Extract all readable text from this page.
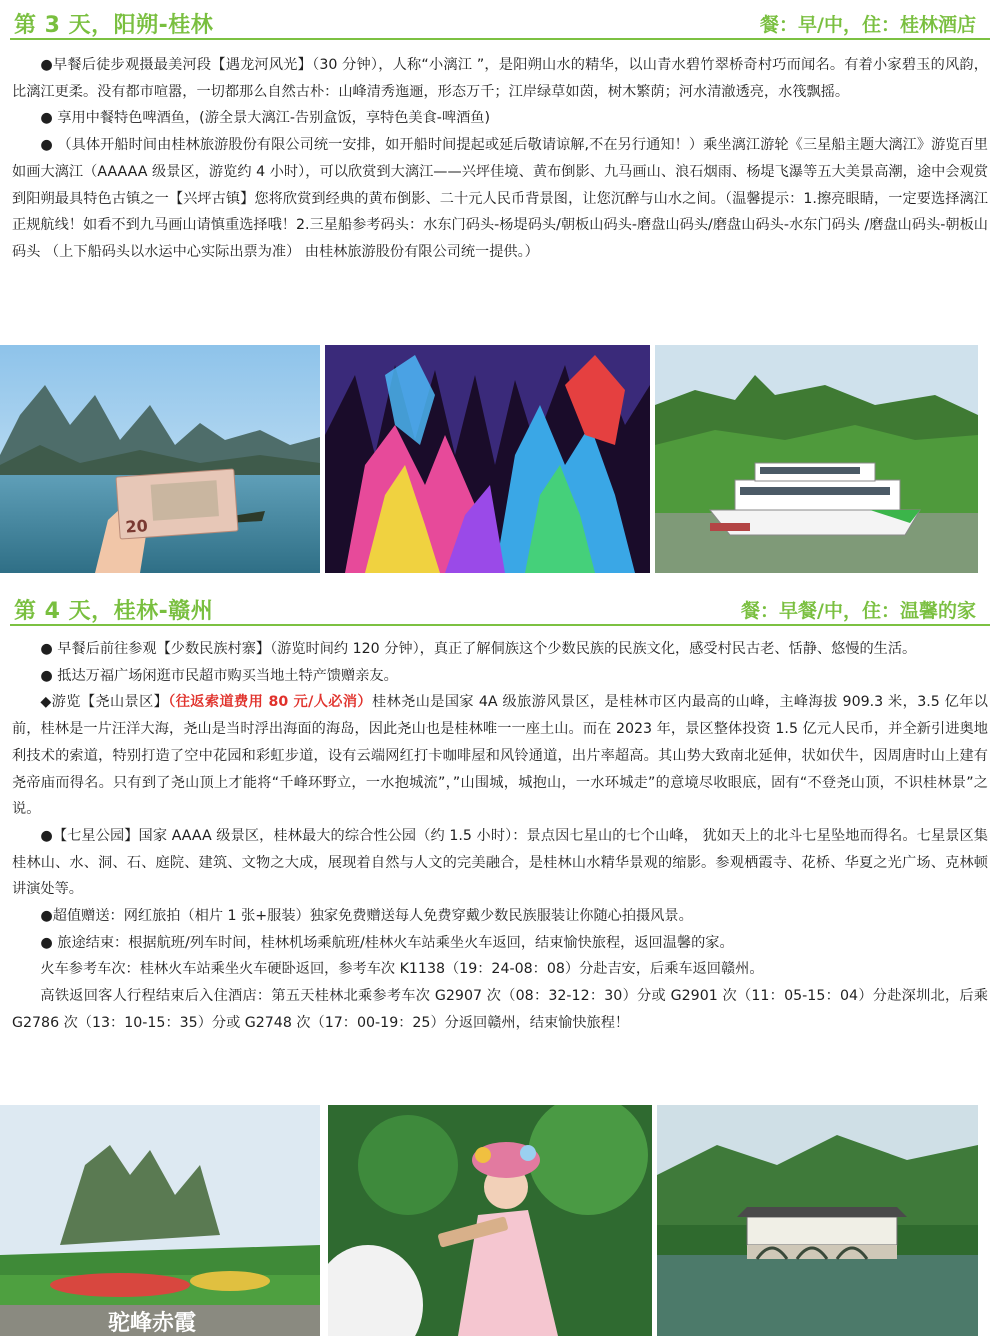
第 3 天，阳朔-桂林	餐：早/中，住：桂林酒店

●早餐后徒步观摄最美河段【遇龙河风光】（30 分钟），人称“小漓江 ”，是阳朔山水的精华，以山青水碧竹翠桥奇村巧而闻名。有着小家碧玉的风韵，比漓江更柔。没有都市喧嚣，一切都那么自然古朴：山峰清秀迤逦，形态万千；江岸绿草如茵，树木繁荫；河水清澈透亮，水筏飘摇。

● 享用中餐特色啤酒鱼，(游全景大漓江-告别盒饭，享特色美食-啤酒鱼)

● （具体开船时间由桂林旅游股份有限公司统一安排，如开船时间提起或延后敬请谅解,不在另行通知！）乘坐漓江游轮《三星船主题大漓江》游览百里如画大漓江（AAAAA 级景区，游览约 4 小时），可以欣赏到大漓江——兴坪佳境、黄布倒影、九马画山、浪石烟雨、杨堤飞瀑等五大美景高潮，途中会观赏到阳朔最具特色古镇之一【兴坪古镇】您将欣赏到经典的黄布倒影、二十元人民币背景图，让您沉醉与山水之间。（温馨提示：1.擦亮眼睛，一定要选择漓江正规航线！如看不到九马画山请慎重选择哦！2.三星船参考码头：水东门码头-杨堤码头/朝板山码头-磨盘山码头/磨盘山码头-水东门码头 /磨盘山码头-朝板山码头 （上下船码头以水运中心实际出票为准） 由桂林旅游股份有限公司统一提供。）

20
第 4 天，桂林-赣州	餐：早餐/中，住：温馨的家

● 早餐后前往参观【少数民族村寨】（游览时间约 120 分钟），真正了解侗族这个少数民族的民族文化，感受村民古老、恬静、悠慢的生活。

● 抵达万福广场闲逛市民超市购买当地土特产馈赠亲友。

◆游览【尧山景区】（往返索道费用 80 元/人必消）桂林尧山是国家 4A 级旅游风景区，是桂林市区内最高的山峰，主峰海拔 909.3 米，3.5 亿年以前，桂林是一片汪洋大海，尧山是当时浮出海面的海岛，因此尧山也是桂林唯一一座土山。而在 2023 年，景区整体投资 1.5 亿元人民币，并全新引进奥地利技术的索道，特别打造了空中花园和彩虹步道，设有云端网红打卡咖啡屋和风铃通道，出片率超高。其山势大致南北延伸，状如伏牛，因周唐时山上建有尧帝庙而得名。只有到了尧山顶上才能将“千峰环野立，一水抱城流”，”山围城，城抱山，一水环城走”的意境尽收眼底，固有“不登尧山顶，不识桂林景”之说。

●【七星公园】国家 AAAA 级景区，桂林最大的综合性公园（约 1.5 小时）：景点因七星山的七个山峰， 犹如天上的北斗七星坠地而得名。七星景区集桂林山、水、洞、石、庭院、建筑、文物之大成，展现着自然与人文的完美融合，是桂林山水精华景观的缩影。参观栖霞寺、花桥、华夏之光广场、克林顿讲演处等。

●超值赠送：网红旅拍（相片 1 张+服装）独家免费赠送每人免费穿戴少数民族服装让你随心拍摄风景。

● 旅途结束：根据航班/列车时间，桂林机场乘航班/桂林火车站乘坐火车返回，结束愉快旅程，返回温馨的家。

火车参考车次：桂林火车站乘坐火车硬卧返回，参考车次 K1138（19：24-08：08）分赴吉安，后乘车返回赣州。

高铁返回客人行程结束后入住酒店：第五天桂林北乘参考车次 G2907 次（08：32-12：30）分或 G2901 次（11：05-15：04）分赴深圳北，后乘 G2786 次（13：10-15：35）分或 G2748 次（17：00-19：25）分返回赣州，结束愉快旅程！

驼峰赤霞
